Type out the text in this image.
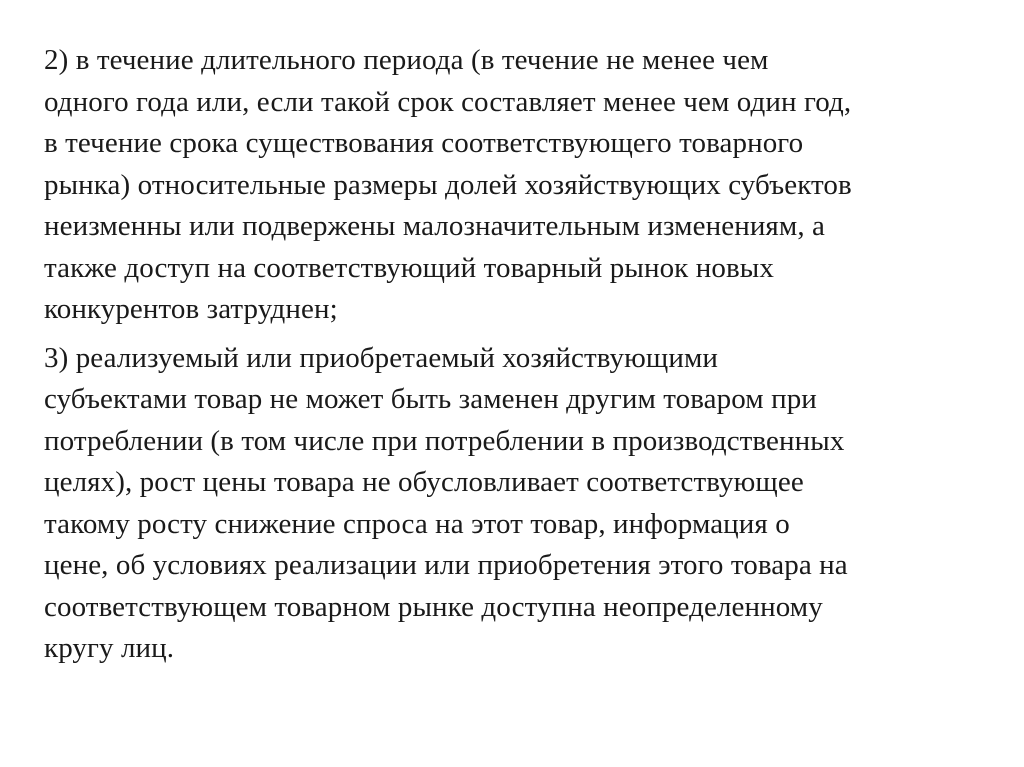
2) в течение длительного периода (в течение не менее чем
одного года или, если такой срок составляет менее чем один год,
в течение срока существования соответствующего товарного
рынка) относительные размеры долей хозяйствующих субъектов
неизменны или подвержены малозначительным изменениям, а
также доступ на соответствующий товарный рынок новых
конкурентов затруднен;
3) реализуемый или приобретаемый хозяйствующими
субъектами товар не может быть заменен другим товаром при
потреблении (в том числе при потреблении в производственных
целях), рост цены товара не обусловливает соответствующее
такому росту снижение спроса на этот товар, информация о
цене, об условиях реализации или приобретения этого товара на
соответствующем товарном рынке доступна неопределенному
кругу лиц.
